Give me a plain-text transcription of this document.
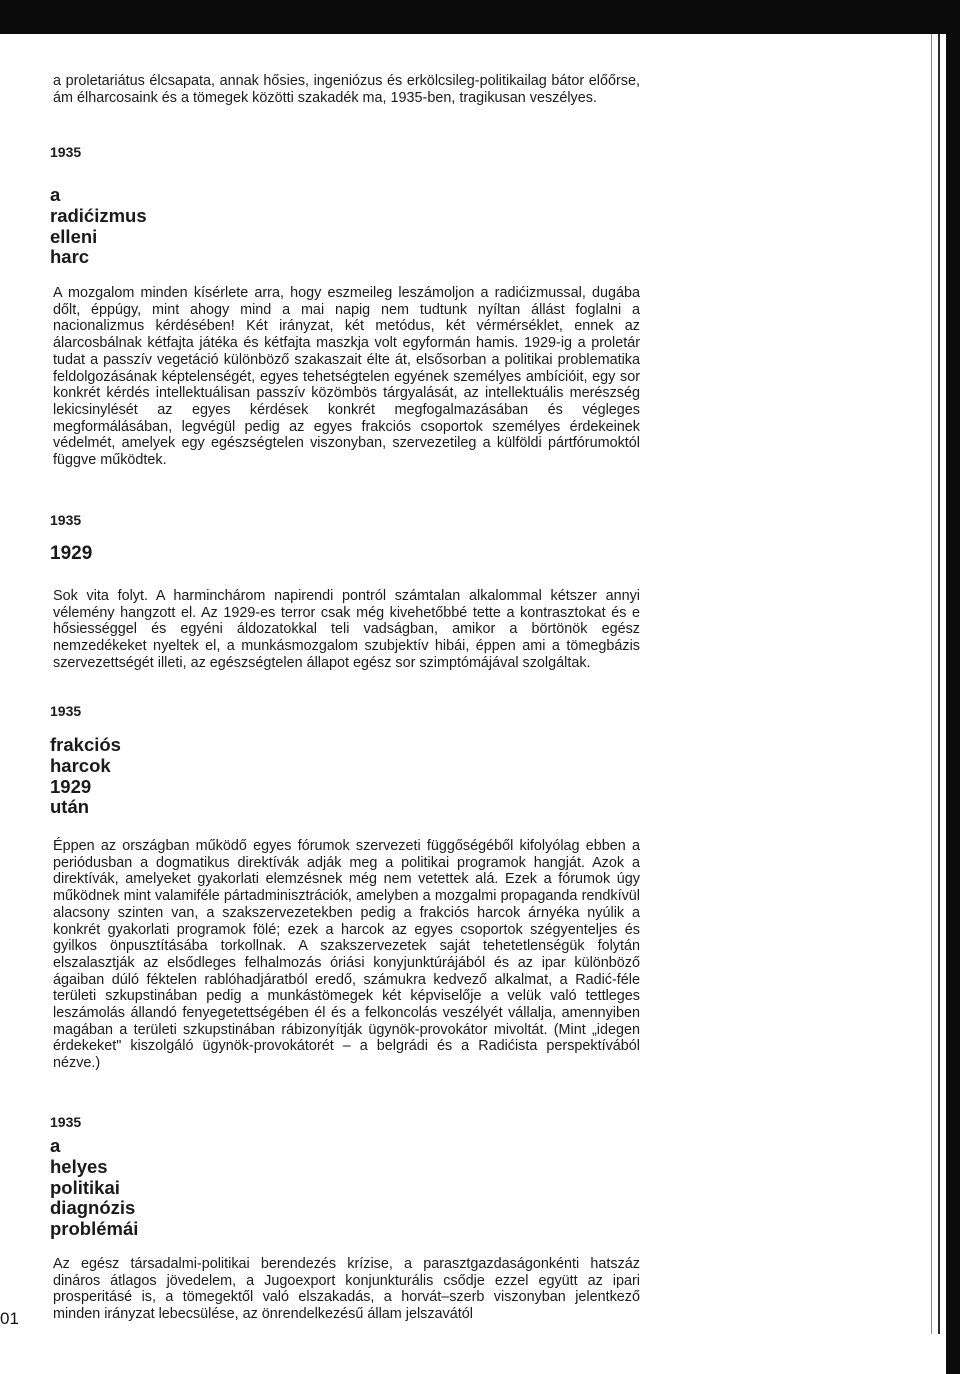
a proletariátus élcsapata, annak hősies, ingeniózus és erkölcsileg-politikailag bátor előőrse, ám élharcosaink és a tömegek közötti szakadék ma, 1935-ben, tragikusan veszélyes.

1935

a
radićizmus
elleni
harc

A mozgalom minden kísérlete arra, hogy eszmeileg leszámoljon a radićizmussal, dugába dőlt, éppúgy, mint ahogy mind a mai napig nem tudtunk nyíltan állást foglalni a nacionalizmus kérdésében! Két irányzat, két metódus, két vérmérséklet, ennek az álarcosbálnak kétfajta játéka és kétfajta maszkja volt egyformán hamis. 1929-ig a proletár tudat a passzív vegetáció különböző szakaszait élte át, elsősorban a politikai problematika feldolgozásának képtelenségét, egyes tehetségtelen egyének személyes ambícióit, egy sor konkrét kérdés intellektuálisan passzív közömbös tárgyalását, az intellektuális merészség lekicsinylését az egyes kérdések konkrét megfogalmazásában és végleges megformálásában, legvégül pedig az egyes frakciós csoportok személyes érdekeinek védelmét, amelyek egy egészségtelen viszonyban, szervezetileg a külföldi pártfórumoktól függve működtek.

1935

1929

Sok vita folyt. A harminchárom napirendi pontról számtalan alkalommal kétszer annyi vélemény hangzott el. Az 1929-es terror csak még kivehetőbbé tette a kontrasztokat és e hősiességgel és egyéni áldozatokkal teli vadságban, amikor a börtönök egész nemzedékeket nyeltek el, a munkásmozgalom szubjektív hibái, éppen ami a tömegbázis szervezettségét illeti, az egészségtelen állapot egész sor szimptómájával szolgáltak.

1935

frakciós
harcok
1929
után

Éppen az országban működő egyes fórumok szervezeti függőségéből kifolyólag ebben a periódusban a dogmatikus direktívák adják meg a politikai programok hangját. Azok a direktívák, amelyeket gyakorlati elemzésnek még nem vetettek alá. Ezek a fórumok úgy működnek mint valamiféle pártadminisztrációk, amelyben a mozgalmi propaganda rendkívül alacsony szinten van, a szakszervezetekben pedig a frakciós harcok árnyéka nyúlik a konkrét gyakorlati programok fölé; ezek a harcok az egyes csoportok szégyenteljes és gyilkos önpusztításába torkollnak. A szakszervezetek saját tehetetlenségük folytán elszalasztják az elsődleges felhalmozás óriási konyjunktúrájából és az ipar különböző ágaiban dúló féktelen rablóhadjáratból eredő, számukra kedvező alkalmat, a Radić-féle területi szkupstinában pedig a munkástömegek két képviselője a velük való tettleges leszámolás állandó fenyegetettségében él és a felkoncolás veszélyét vállalja, amennyiben magában a területi szkupstinában rábizonyítják ügynök-provokátor mivoltát. (Mint „idegen érdekeket" kiszolgáló ügynök-provokátorét – a belgrádi és a Radićista perspektívából nézve.)

1935

a
helyes
politikai
diagnózis
problémái

Az egész társadalmi-politikai berendezés krízise, a parasztgazdaságonkénti hatszáz dináros átlagos jövedelem, a Jugoexport konjunkturális csődje ezzel együtt az ipari prosperitásé is, a tömegektől való elszakadás, a horvát–szerb viszonyban jelentkező minden irányzat lebecsülése, az önrendelkezésű állam jelszavától

01
